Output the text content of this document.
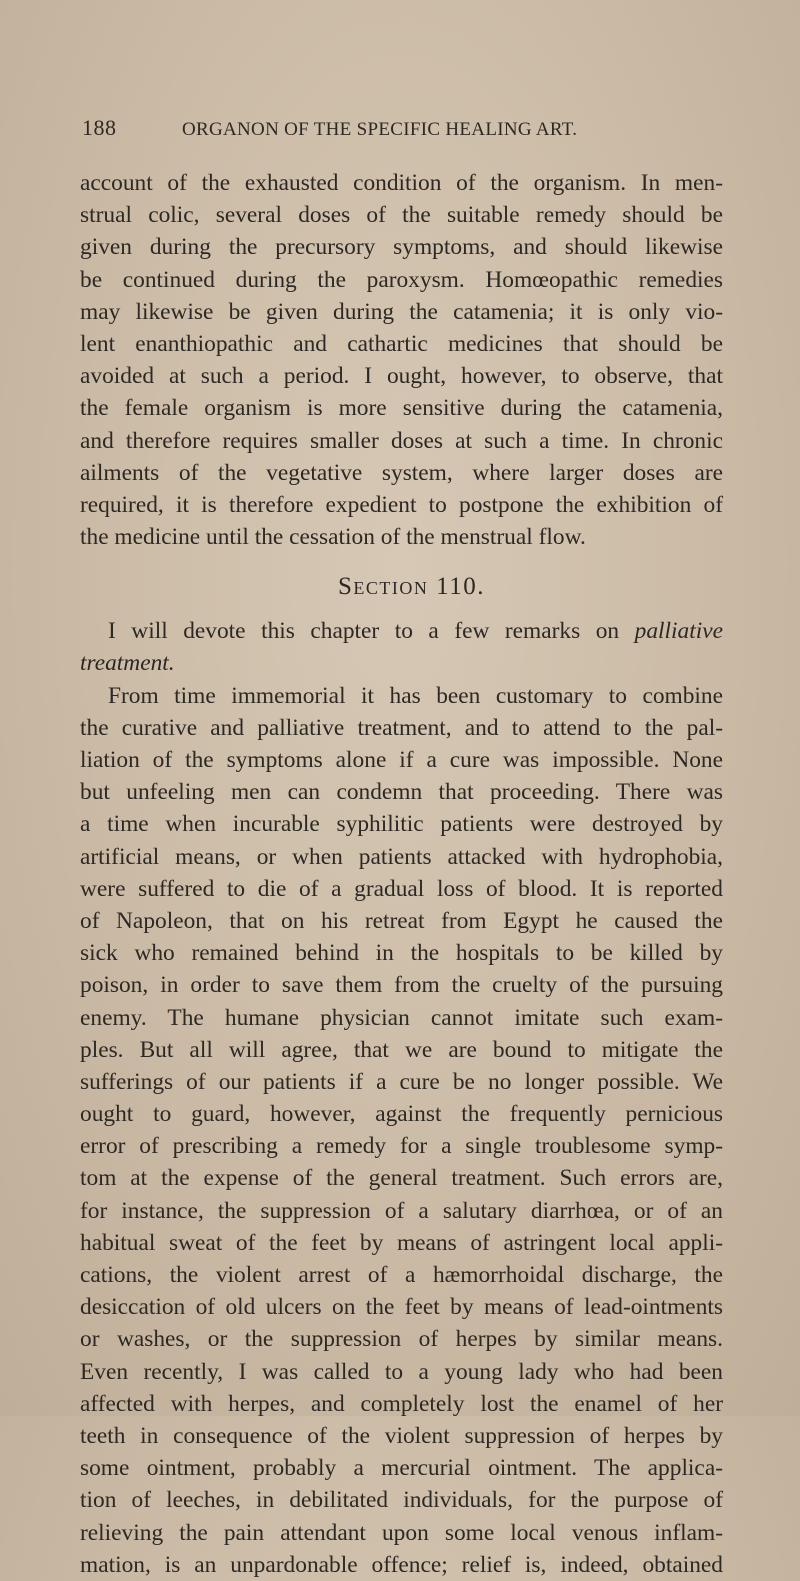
188	ORGANON OF THE SPECIFIC HEALING ART.
account of the exhausted condition of the organism. In men-
strual colic, several doses of the suitable remedy should be
given during the precursory symptoms, and should likewise
be continued during the paroxysm. Homœopathic remedies
may likewise be given during the catamenia; it is only vio-
lent enanthiopathic and cathartic medicines that should be
avoided at such a period. I ought, however, to observe, that
the female organism is more sensitive during the catamenia,
and therefore requires smaller doses at such a time. In chronic
ailments of the vegetative system, where larger doses are
required, it is therefore expedient to postpone the exhibition of
the medicine until the cessation of the menstrual flow.
Section 110.
I will devote this chapter to a few remarks on palliative
treatment.
From time immemorial it has been customary to combine
the curative and palliative treatment, and to attend to the pal-
liation of the symptoms alone if a cure was impossible. None
but unfeeling men can condemn that proceeding. There was
a time when incurable syphilitic patients were destroyed by
artificial means, or when patients attacked with hydrophobia,
were suffered to die of a gradual loss of blood. It is reported
of Napoleon, that on his retreat from Egypt he caused the
sick who remained behind in the hospitals to be killed by
poison, in order to save them from the cruelty of the pursuing
enemy. The humane physician cannot imitate such exam-
ples. But all will agree, that we are bound to mitigate the
sufferings of our patients if a cure be no longer possible. We
ought to guard, however, against the frequently pernicious
error of prescribing a remedy for a single troublesome symp-
tom at the expense of the general treatment. Such errors are,
for instance, the suppression of a salutary diarrhœa, or of an
habitual sweat of the feet by means of astringent local appli-
cations, the violent arrest of a hæmorrhoidal discharge, the
desiccation of old ulcers on the feet by means of lead-ointments
or washes, or the suppression of herpes by similar means.
Even recently, I was called to a young lady who had been
affected with herpes, and completely lost the enamel of her
teeth in consequence of the violent suppression of herpes by
some ointment, probably a mercurial ointment. The applica-
tion of leeches, in debilitated individuals, for the purpose of
relieving the pain attendant upon some local venous inflam-
mation, is an unpardonable offence; relief is, indeed, obtained
